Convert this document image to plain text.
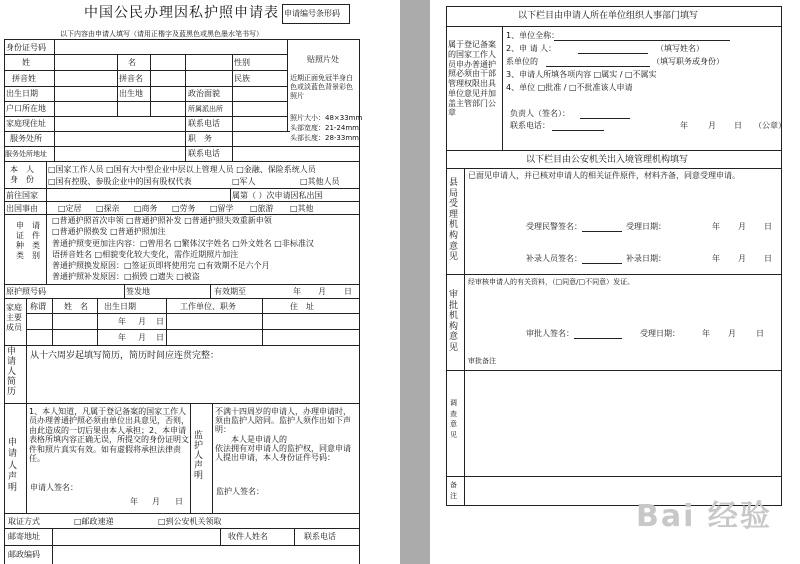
中国公民办理因私护照申请表 申请编号条形码
以下内容由申请人填写（请用正楷字及蓝黑色或黑色墨水笔书写）
身份证号码
贴照片处
近期正面免冠半身白色或淡蓝色背景彩色照片
照片大小：48×33mm
头部宽度：21-24mm
头部长度：28-33mm
姓	名	性别
拼音姓	拼音名	民族
出生日期	出生地	政治面貌
户口所在地	所属派出所
家庭现住址	联系电话
服务处所	职　务
服务处所地址	联系电话
本　人
身　份
□国家工作人员 □国有大中型企业中层以上管理人员 □金融、保险系统人员
□国有控股、参股企业中的国有股权代表	□军人	□其他人员
前往国家	属第（ ）次申请因私出国
出国事由	□定居 □探亲 □商务 □劳务 □留学 □旅游 □其他
申　请
证　件
种　类
类　别
□普通护照首次申领 □普通护照补发 □普通护照失效重新申领
□普通护照换发 □普通护照加注
普通护照变更加注内容：□曾用名 □繁体汉字姓名 □外文姓名 □非标准汉
语拼音姓名 □相貌变化较大变化，需作近期照片加注
普通护照换发原因：□签证页即将使用完 □有效期不足六个月
普通护照补发原因：□损毁 □遗失 □被盗
原护照号码	签发地	有效期至	年 月 日
家庭
主要
成员
称谓 姓　名 出生日期	工作单位、职务	住　址
年 月 日
年 月 日
申
请
人
简
历
从十六周岁起填写简历，简历时间应连贯完整：
申
请
人
声
明
1、本人知道，凡属于登记备案的国家工作人员办理普通护照必须由单位出具意见，否则，由此造成的一切后果由本人承担；2、本申请表格所填内容正确无误，所提交的身份证明文件和照片真实有效。如有虚假将承担法律责任。
申请人签名：
年 月 日
监
护
人
声
明
不满十四周岁的申请人，办理申请时，须由监护人陪同。监护人须作出如下声明：
　　本人是申请人的
依法拥有对申请人的监护权，同意申请人提出申请，本人身份证件号码：
监护人签名：
取证方式	□邮政速递	□到公安机关领取
邮寄地址	收件人姓名	联系电话
邮政编码
以下栏目由申请人所在单位组织人事部门填写
属于登记备案的国家工作人员申办普通护照必须由干部管理权限出具单位意见并加盖主管部门公章
1、单位全称：
2、申 请 人：	（填写姓名）
系单位的	（填写职务或身份）
3、申请人所填各项内容 □属实 / □不属实
4、单位 □批准 / □不批准该人申请
负责人（签名）：
联系电话：	年	月 日 （公章）
以下栏目由公安机关出入境管理机构填写
县
局
受
理
机
构
意
见
已面见申请人，并已核对申请人的相关证件原件，材料齐备，同意受理申请。
受理民警签名：	受理日期：	年 月 日
补录人员签名：	补录日期：	年 月 日
审
批
机
构
意
见
经审核申请人的有关资料，（□同意/□不同意）发证。
审批人签名：	受理日期：	年 月	日
审批备注
调
查
意
见
备
注
Bai 经验
